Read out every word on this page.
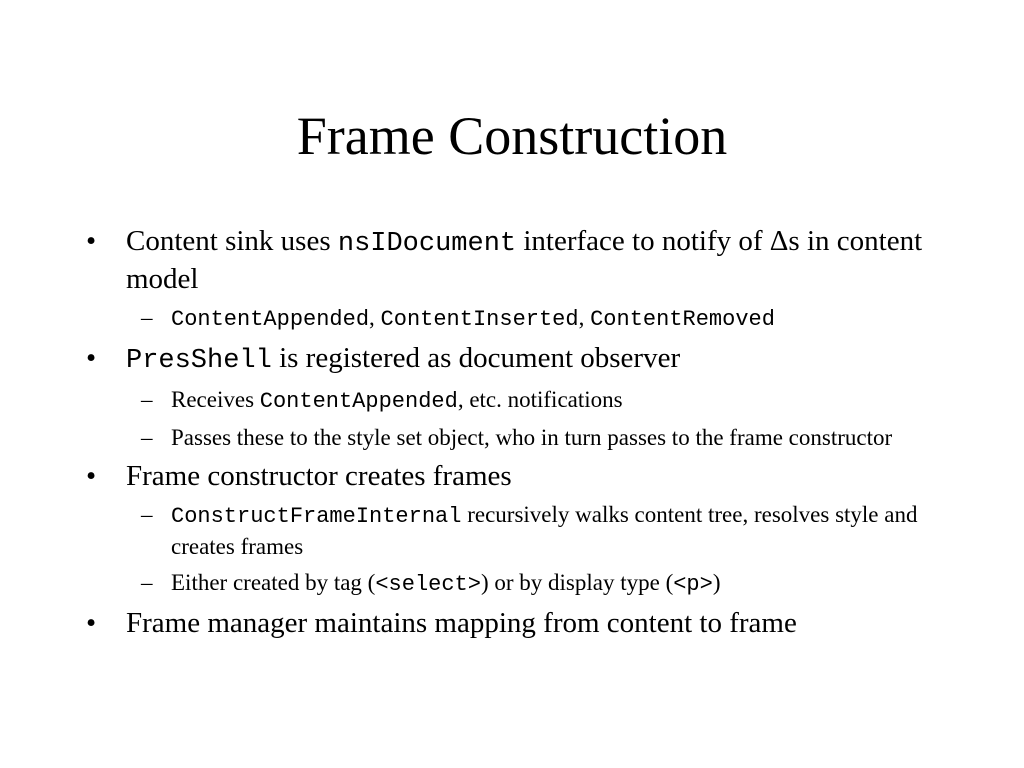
Frame Construction
• Content sink uses nsIDocument interface to notify of Δs in content model
– ContentAppended, ContentInserted, ContentRemoved
• PresShell is registered as document observer
– Receives ContentAppended, etc. notifications
– Passes these to the style set object, who in turn passes to the frame constructor
• Frame constructor creates frames
– ConstructFrameInternal recursively walks content tree, resolves style and creates frames
– Either created by tag (<select>) or by display type (<p>)
• Frame manager maintains mapping from content to frame
